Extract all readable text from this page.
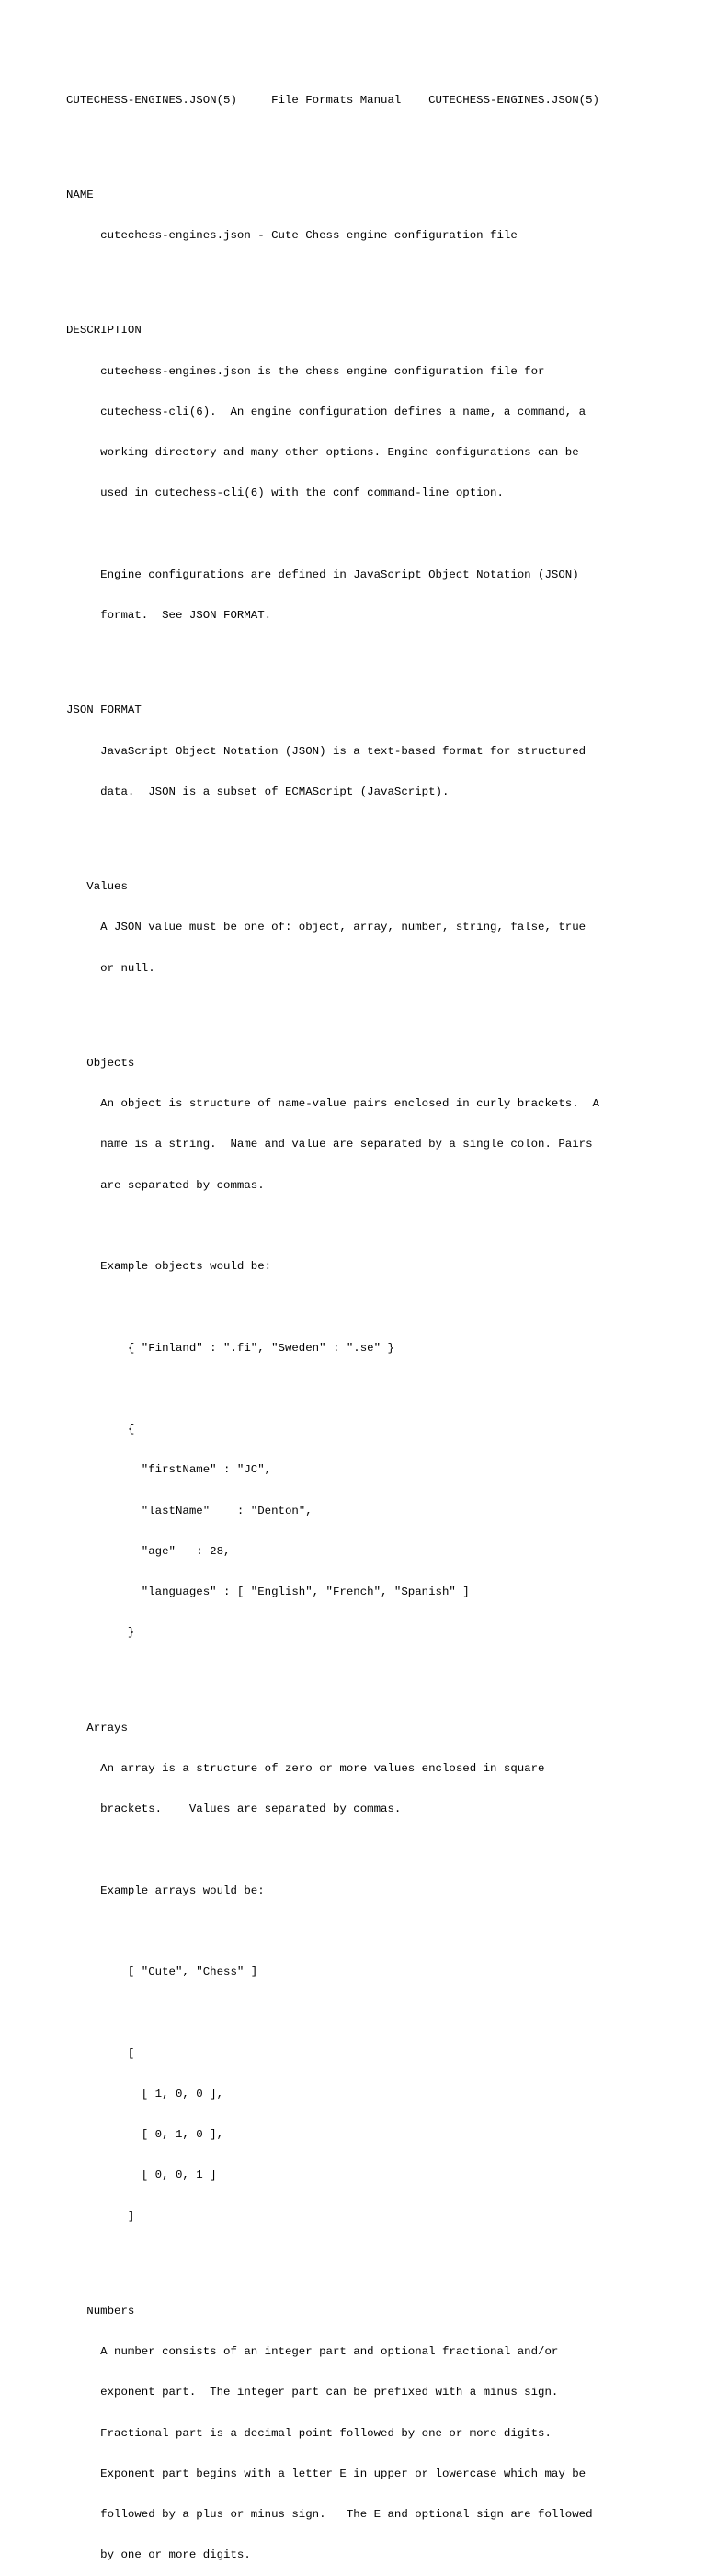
CUTECHESS-ENGINES.JSON(5)     File Formats Manual    CUTECHESS-ENGINES.JSON(5)

NAME

cutechess-engines.json - Cute Chess engine configuration file

DESCRIPTION

cutechess-engines.json is the chess engine configuration file for

cutechess-cli(6).  An engine configuration defines a name, a command, a

working directory and many other options. Engine configurations can be

used in cutechess-cli(6) with the conf command-line option.

Engine configurations are defined in JavaScript Object Notation (JSON)

format.  See JSON FORMAT.

JSON FORMAT

JavaScript Object Notation (JSON) is a text-based format for structured

data.  JSON is a subset of ECMAScript (JavaScript).

Values

A JSON value must be one of: object, array, number, string, false, true

or null.

Objects

An object is structure of name-value pairs enclosed in curly brackets.  A

name is a string.  Name and value are separated by a single colon. Pairs

are separated by commas.

Example objects would be:

{ "Finland" : ".fi", "Sweden" : ".se" }

{

"firstName" : "JC",

"lastName"    : "Denton",

"age"   : 28,

"languages" : [ "English", "French", "Spanish" ]

}

Arrays

An array is a structure of zero or more values enclosed in square

brackets.    Values are separated by commas.

Example arrays would be:

[ "Cute", "Chess" ]

[

[ 1, 0, 0 ],

[ 0, 1, 0 ],

[ 0, 0, 1 ]

]

Numbers

A number consists of an integer part and optional fractional and/or

exponent part.  The integer part can be prefixed with a minus sign.

Fractional part is a decimal point followed by one or more digits.

Exponent part begins with a letter E in upper or lowercase which may be

followed by a plus or minus sign.   The E and optional sign are followed

by one or more digits.
